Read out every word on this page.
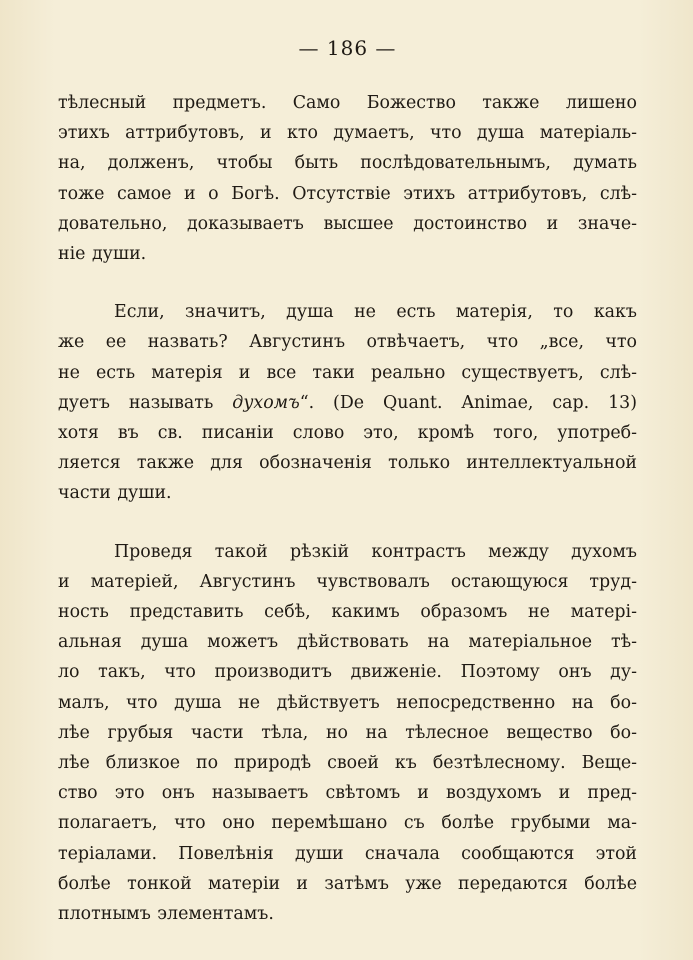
— 186 —
тѣлесный предметъ. Само Божество также лишено
этихъ аттрибутовъ, и кто думаетъ, что душа матеріаль-
на, долженъ, чтобы быть послѣдовательнымъ, думать
тоже самое и о Богѣ. Отсутствіе этихъ аттрибутовъ, слѣ-
довательно, доказываетъ высшее достоинство и значе-
ніе души.
Если, значитъ, душа не есть матерія, то какъ
же ее назвать? Августинъ отвѣчаетъ, что „все, что
не есть матерія и все таки реально существуетъ, слѣ-
дуетъ называть духомъ“. (De Quant. Animae, cap. 13)
хотя въ св. писаніи слово это, кромѣ того, употреб-
ляется также для обозначенія только интеллектуальной
части души.
Проведя такой рѣзкій контрастъ между духомъ
и матеріей, Августинъ чувствовалъ остающуюся труд-
ность представить себѣ, какимъ образомъ не матері-
альная душа можетъ дѣйствовать на матеріальное тѣ-
ло такъ, что производитъ движеніе. Поэтому онъ ду-
малъ, что душа не дѣйствуетъ непосредственно на бо-
лѣе грубыя части тѣла, но на тѣлесное вещество бо-
лѣе близкое по природѣ своей къ безтѣлесному. Веще-
ство это онъ называетъ свѣтомъ и воздухомъ и пред-
полагаетъ, что оно перемѣшано съ болѣе грубыми ма-
теріалами. Повелѣнія души сначала сообщаются этой
болѣе тонкой матеріи и затѣмъ уже передаются болѣе
плотнымъ элементамъ.
